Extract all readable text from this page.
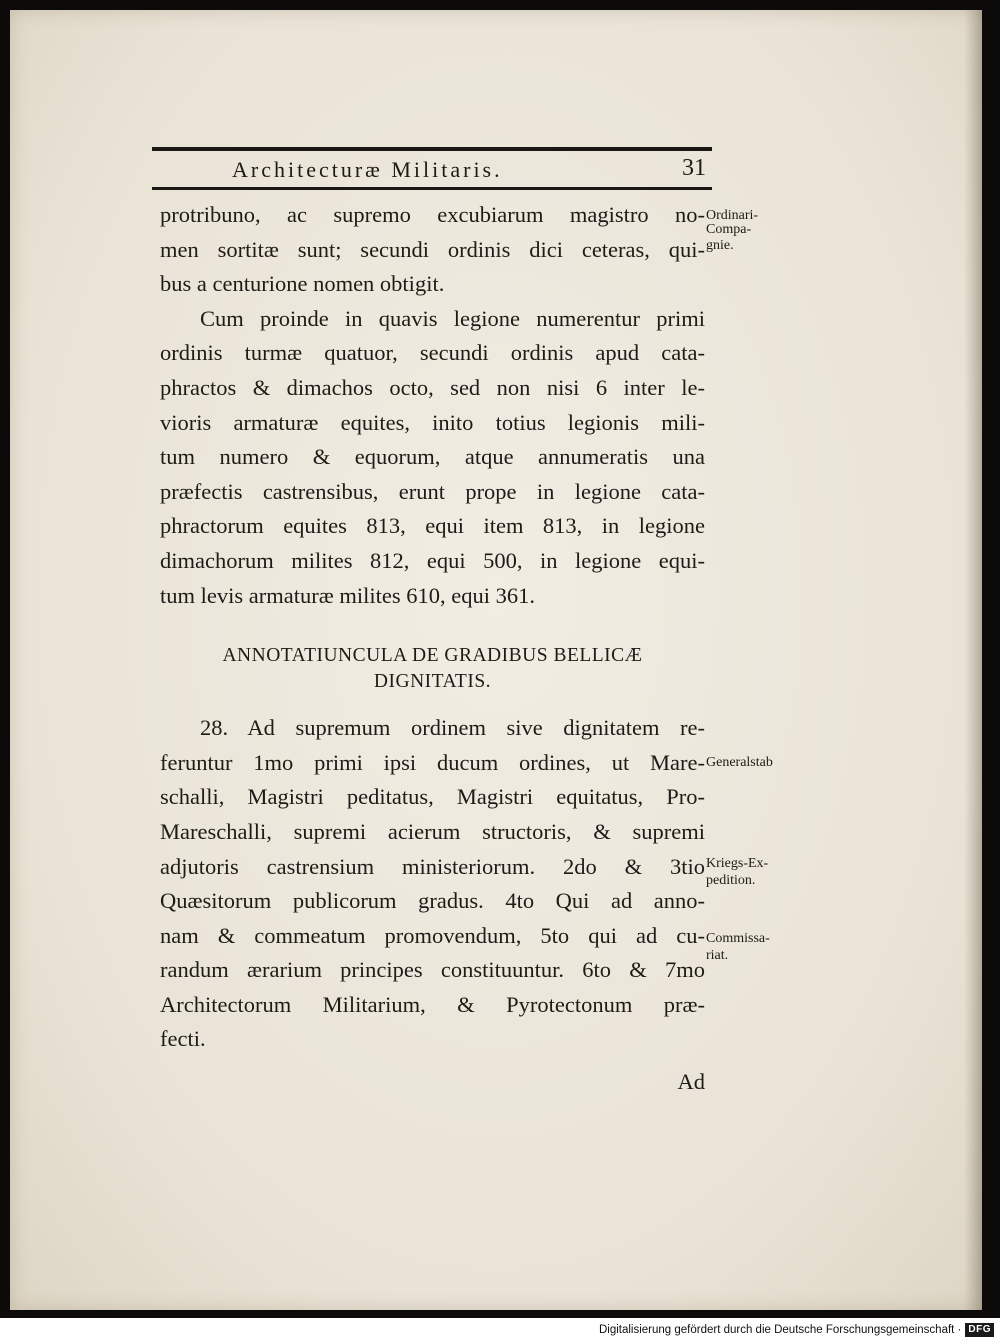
Architecturæ Militaris.	31
protribuno, ac supremo excubiarum magistro no-
men sortitæ sunt; secundi ordinis dici ceteras, qui-
bus a centurione nomen obtigit.
Cum proinde in quavis legione numerentur primi
ordinis turmæ quatuor, secundi ordinis apud cata-
phractos & dimachos octo, sed non nisi 6 inter le-
vioris armaturæ equites, inito totius legionis mili-
tum numero & equorum, atque annumeratis una
præfectis castrensibus, erunt prope in legione cata-
phractorum equites 813, equi item 813, in legione
dimachorum milites 812, equi 500, in legione equi-
tum levis armaturæ milites 610, equi 361.
ANNOTATIUNCULA DE GRADIBUS BELLICÆ
DIGNITATIS.
28. Ad supremum ordinem sive dignitatem re-
feruntur 1mo primi ipsi ducum ordines, ut Mare-
schalli, Magistri peditatus, Magistri equitatus, Pro-
Mareschalli, supremi acierum structoris, & supremi
adjutoris castrensium ministeriorum. 2do & 3tio
Quæsitorum publicorum gradus. 4to Qui ad anno-
nam & commeatum promovendum, 5to qui ad cu-
randum ærarium principes constituuntur. 6to & 7mo
Architectorum Militarium, & Pyrotectonum præ-
fecti.
Ad
Ordinari-
Compa-
gnie.
Generalstab
Kriegs-Ex-
pedition.
Commissa-
riat.
Digitalisierung gefördert durch die Deutsche Forschungsgemeinschaft · DFG
